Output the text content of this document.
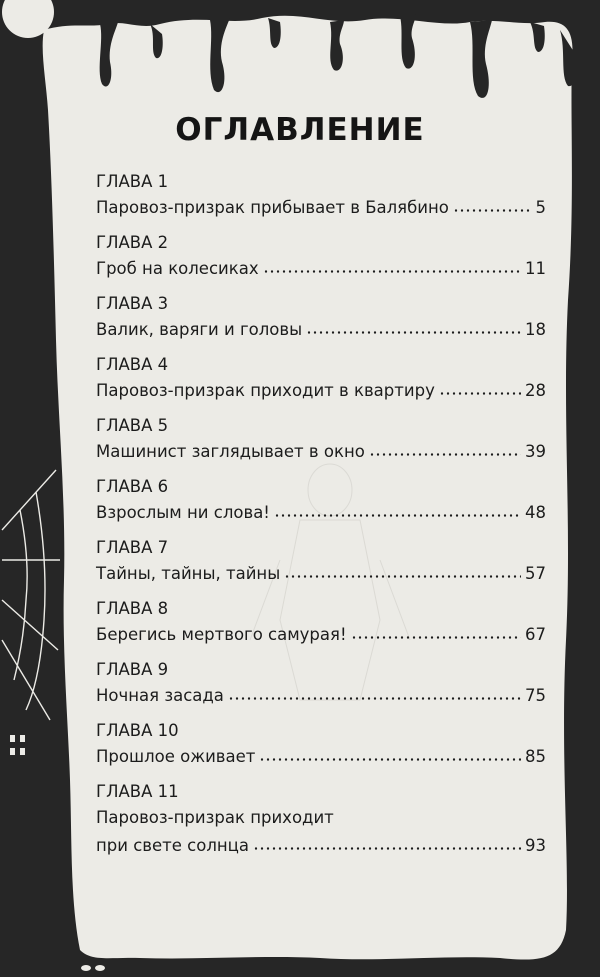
ОГЛАВЛЕНИЕ
ГЛАВА 1
Паровоз-призрак прибывает в Балябино	5
ГЛАВА 2
Гроб на колесиках	11
ГЛАВА 3
Валик, варяги и головы	18
ГЛАВА 4
Паровоз-призрак приходит в квартиру	28
ГЛАВА 5
Машинист заглядывает в окно	39
ГЛАВА 6
Взрослым ни слова!	48
ГЛАВА 7
Тайны, тайны, тайны	57
ГЛАВА 8
Берегись мертвого самурая!	67
ГЛАВА 9
Ночная засада	75
ГЛАВА 10
Прошлое оживает	85
ГЛАВА 11
Паровоз-призрак приходит
при свете солнца	93
